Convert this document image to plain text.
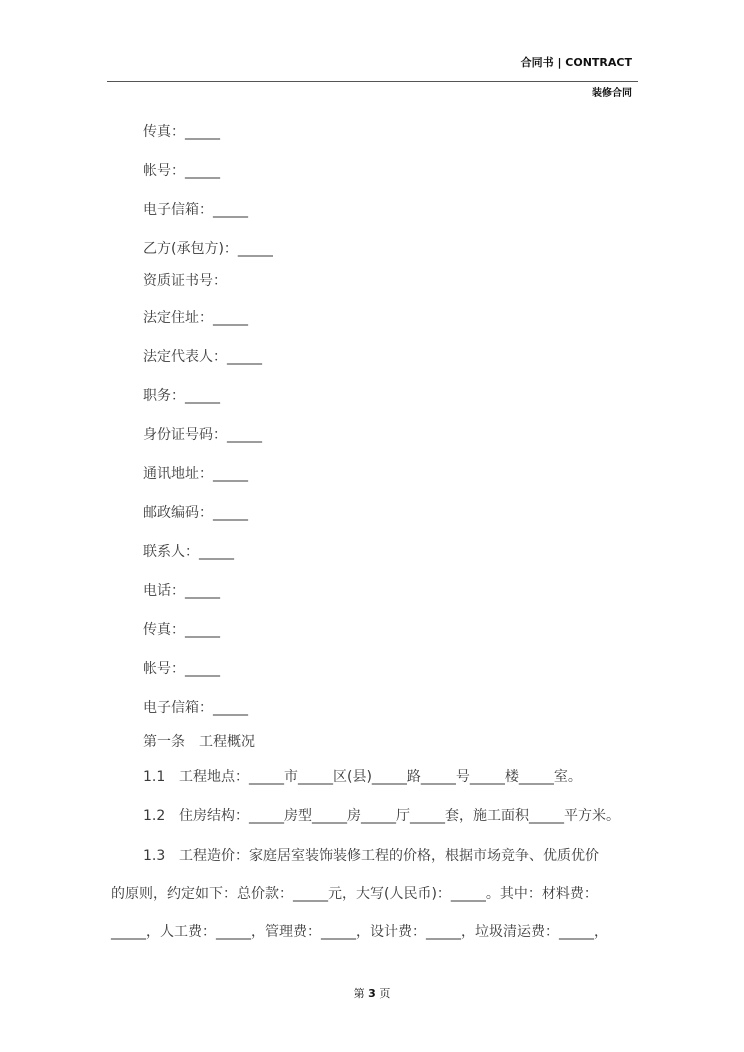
合同书 | CONTRACT
装修合同
传真：_____
帐号：_____
电子信箱：_____
乙方(承包方)：_____
资质证书号：
法定住址：_____
法定代表人：_____
职务：_____
身份证号码：_____
通讯地址：_____
邮政编码：_____
联系人：_____
电话：_____
传真：_____
帐号：_____
电子信箱：_____
第一条　工程概况
1.1 工程地点：_____市_____区(县)_____路_____号_____楼_____室。
1.2 住房结构：_____房型_____房_____厅_____套，施工面积_____平方米。
1.3 工程造价：家庭居室装饰装修工程的价格，根据市场竞争、优质优价
的原则，约定如下：总价款：_____元，大写(人民币)：_____。其中：材料费：
_____，人工费：_____，管理费：_____，设计费：_____，垃圾清运费：_____，
第 3 页
